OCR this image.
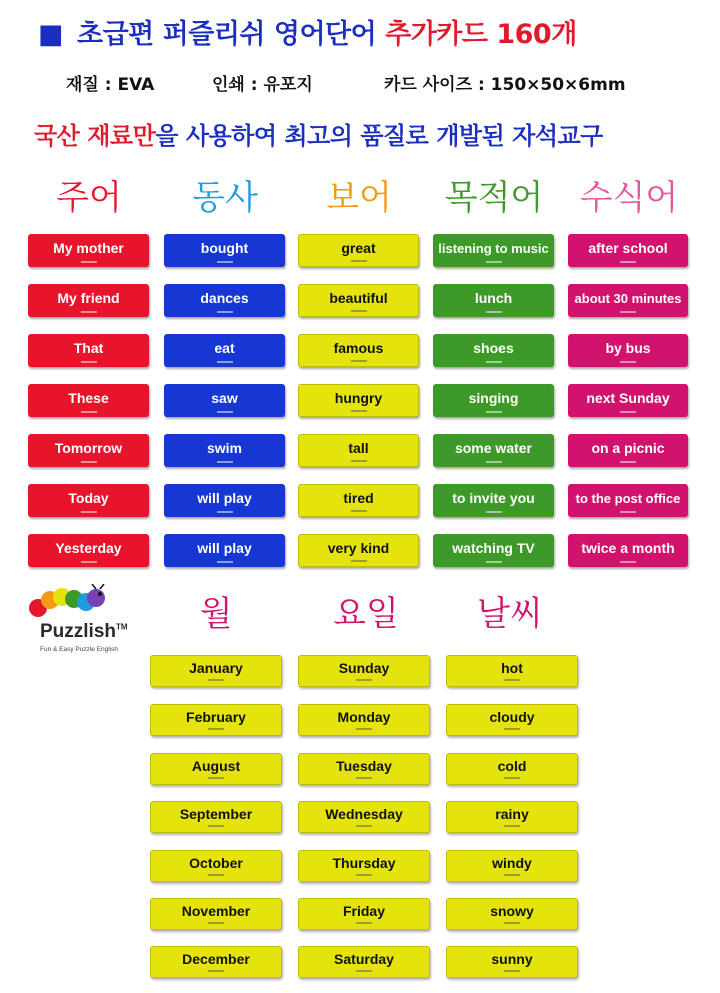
■ 초급편 퍼즐리쉬 영어단어 추가카드 160개
재질 : EVA	인쇄 : 유포지	카드 사이즈 : 150×50×6mm
국산 재료만을 사용하여 최고의 품질로 개발된 자석교구
주어
My mother
My friend
That
These
Tomorrow
Today
Yesterday
동사
bought
dances
eat
saw
swim
will play
will play
보어
great
beautiful
famous
hungry
tall
tired
very kind
목적어
listening to music
lunch
shoes
singing
some water
to invite you
watching TV
수식어
after school
about 30 minutes
by bus
next Sunday
on a picnic
to the post office
twice a month
Puzzlish™
Fun & Easy Puzzle English
월
January
February
August
September
October
November
December
요일
Sunday
Monday
Tuesday
Wednesday
Thursday
Friday
Saturday
날씨
hot
cloudy
cold
rainy
windy
snowy
sunny
